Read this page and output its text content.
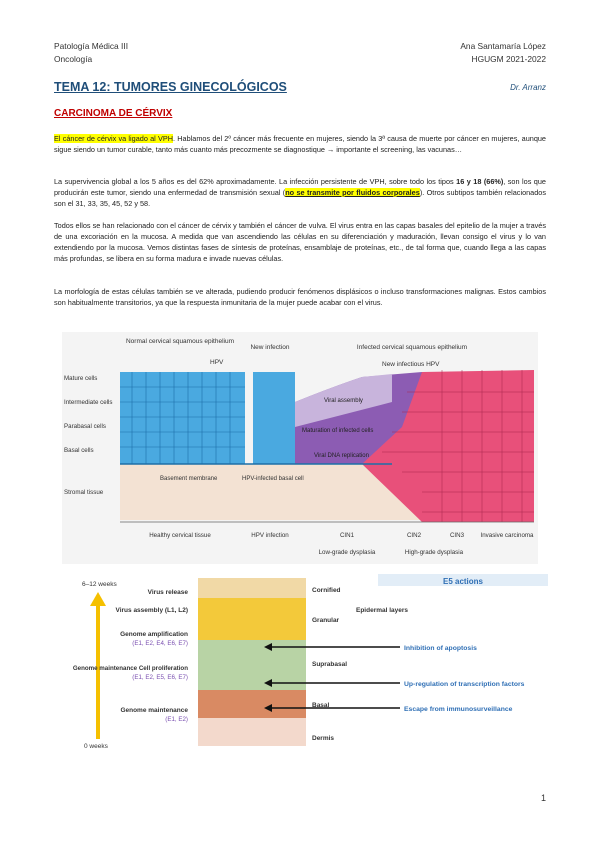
Patología Médica III
Oncología
Ana Santamaría López
HGUGM 2021-2022
TEMA 12: TUMORES GINECOLÓGICOS	Dr. Arranz
CARCINOMA DE CÉRVIX
El cáncer de cérvix va ligado al VPH. Hablamos del 2º cáncer más frecuente en mujeres, siendo la 3ª causa de muerte por cáncer en mujeres, aunque sigue siendo un tumor curable, tanto más cuanto más precozmente se diagnostique → importante el screening, las vacunas…
La supervivencia global a los 5 años es del 62% aproximadamente. La infección persistente de VPH, sobre todo los tipos 16 y 18 (66%), son los que producirán este tumor, siendo una enfermedad de transmisión sexual (no se transmite por fluidos corporales). Otros subtipos también relacionados son el 31, 33, 35, 45, 52 y 58.
Todos ellos se han relacionado con el cáncer de cérvix y también el cáncer de vulva. El virus entra en las capas basales del epitelio de la mujer a través de una excoriación en la mucosa. A medida que van ascendiendo las células en su diferenciación y maduración, llevan consigo el virus y lo van extendiendo por la mucosa. Vemos distintas fases de síntesis de proteínas, ensamblaje de proteínas, etc., de tal forma que, cuando llega a las capas más profundas, se libera en su forma madura e invade nuevas células.
La morfología de estas células también se ve alterada, pudiendo producir fenómenos displásicos o incluso transformaciones malignas. Estos cambios son habitualmente transitorios, ya que la respuesta inmunitaria de la mujer puede acabar con el virus.
Normal cervical squamous epithelium
New infection	Infected cervical squamous epithelium
HPV	New infectious HPV
Mature cells
Intermediate cells
Parabasal cells
Basal cells
Stromal tissue
Viral assembly
Maturation of infected cells
Viral DNA replication
Basement membrane	HPV-infected basal cell
Healthy cervical tissue	HPV infection	CIN1	CIN2	CIN3	Invasive carcinoma
Low-grade dysplasia	High-grade dysplasia
6–12 weeks
0 weeks
Virus release
Virus assembly (L1, L2)
Genome amplification
(E1, E2, E4, E6, E7)
Genome maintenance Cell proliferation
(E1, E2, E5, E6, E7)
Genome maintenance
(E1, E2)
Cornified
Granular
Suprabasal
Basal
Dermis
Epidermal layers
E5 actions
Inhibition of apoptosis
Up-regulation of transcription factors
Escape from immunosurveillance
1
